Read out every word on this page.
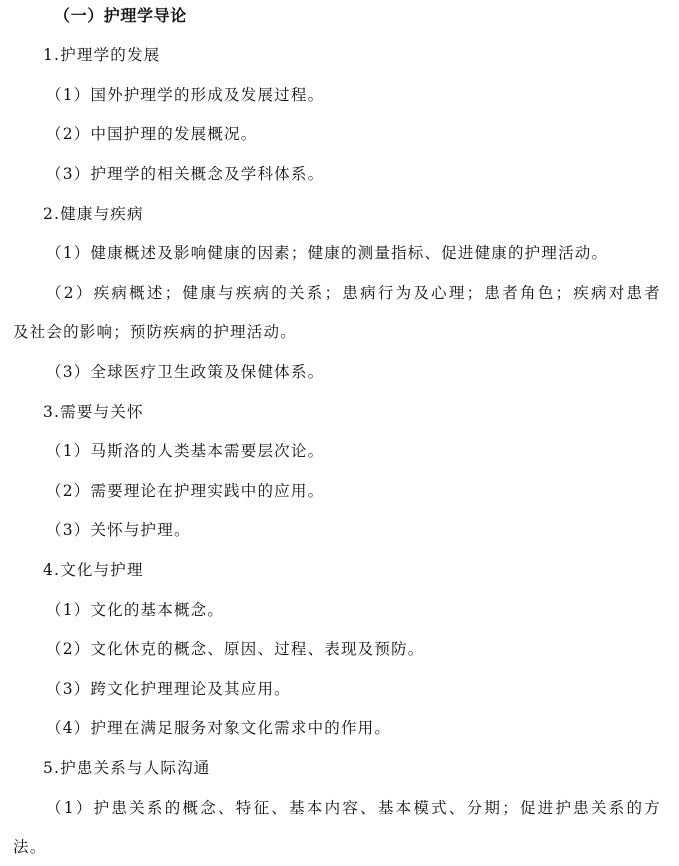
（一）护理学导论
1.护理学的发展
（1）国外护理学的形成及发展过程。
（2）中国护理的发展概况。
（3）护理学的相关概念及学科体系。
2.健康与疾病
（1）健康概述及影响健康的因素；健康的测量指标、促进健康的护理活动。
（2）疾病概述；健康与疾病的关系；患病行为及心理；患者角色；疾病对患者
及社会的影响；预防疾病的护理活动。
（3）全球医疗卫生政策及保健体系。
3.需要与关怀
（1）马斯洛的人类基本需要层次论。
（2）需要理论在护理实践中的应用。
（3）关怀与护理。
4.文化与护理
（1）文化的基本概念。
（2）文化休克的概念、原因、过程、表现及预防。
（3）跨文化护理理论及其应用。
（4）护理在满足服务对象文化需求中的作用。
5.护患关系与人际沟通
（1）护患关系的概念、特征、基本内容、基本模式、分期；促进护患关系的方
法。
